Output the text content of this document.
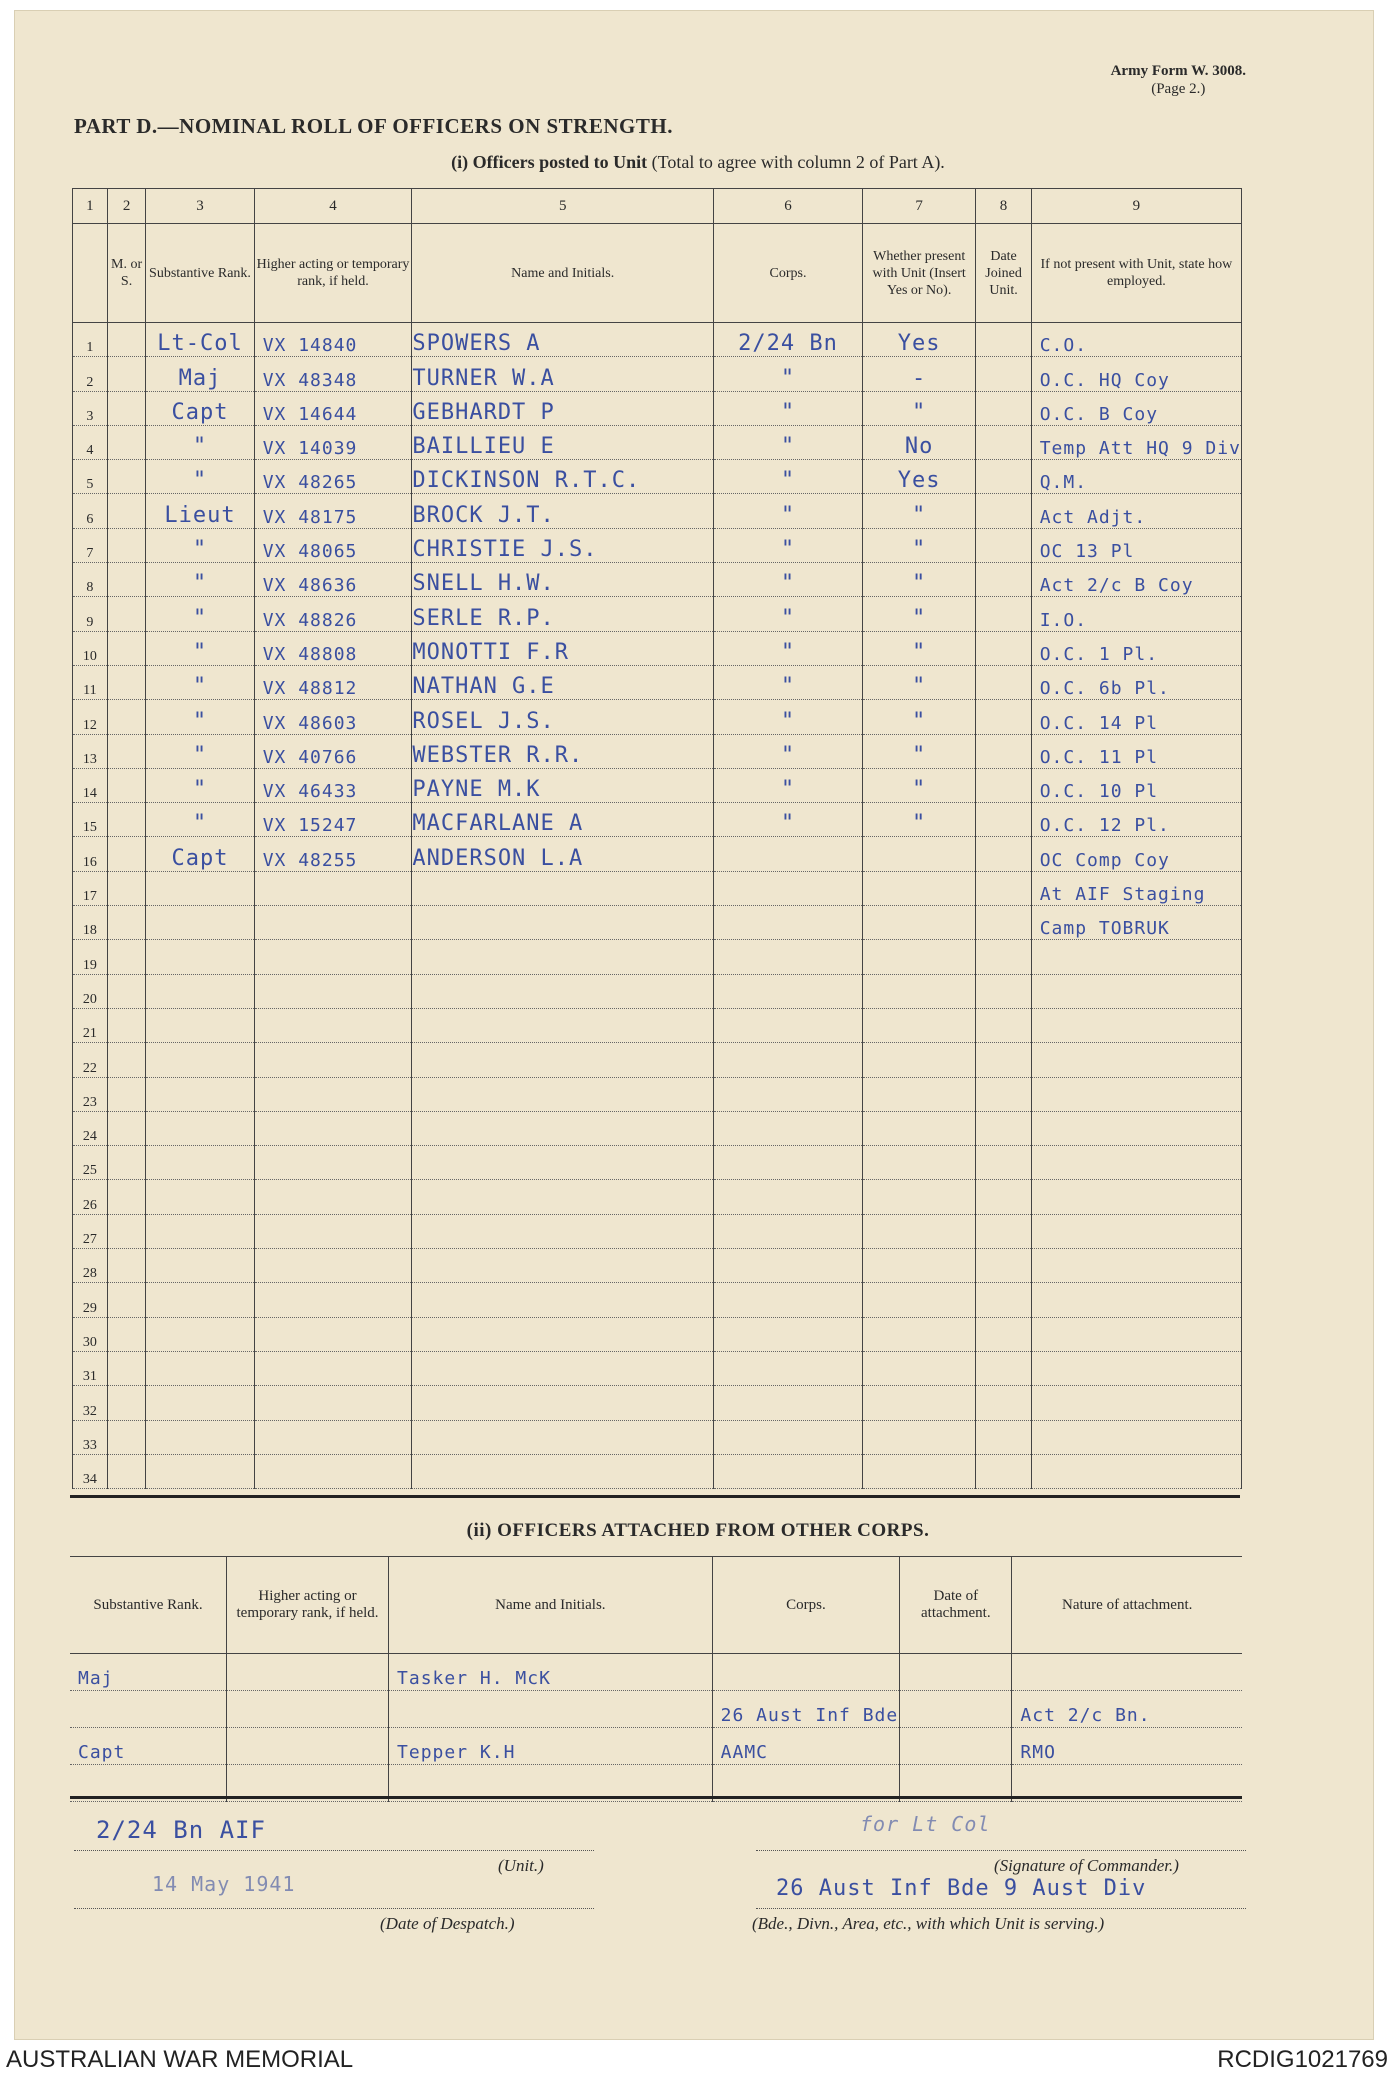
Army Form W. 3008.
(Page 2.)
PART D.—NOMINAL ROLL OF OFFICERS ON STRENGTH.
(i) Officers posted to Unit (Total to agree with column 2 of Part A).
1	2	3	4	5	6	7	8	9
	M. or S.	Substantive Rank.	Higher acting or temporary rank, if held.	Name and Initials.	Corps.	Whether present with Unit (Insert Yes or No).	Date Joined Unit.	If not present with Unit, state how employed.
1		Lt-Col	VX 14840	SPOWERS A	2/24 Bn	Yes		C.O.
2		Maj	VX 48348	TURNER W.A	"	-		O.C. HQ Coy
3		Capt	VX 14644	GEBHARDT P	"	"		O.C. B Coy
4		"	VX 14039	BAILLIEU E	"	No		Temp Att HQ 9 Div
5		"	VX 48265	DICKINSON R.T.C.	"	Yes		Q.M.
6		Lieut	VX 48175	BROCK J.T.	"	"		Act Adjt.
7		"	VX 48065	CHRISTIE J.S.	"	"		OC 13 Pl
8		"	VX 48636	SNELL H.W.	"	"		Act 2/c B Coy
9		"	VX 48826	SERLE R.P.	"	"		I.O.
10		"	VX 48808	MONOTTI F.R	"	"		O.C. 1 Pl.
11		"	VX 48812	NATHAN G.E	"	"		O.C. 6b Pl.
12		"	VX 48603	ROSEL J.S.	"	"		O.C. 14 Pl
13		"	VX 40766	WEBSTER R.R.	"	"		O.C. 11 Pl
14		"	VX 46433	PAYNE M.K	"	"		O.C. 10 Pl
15		"	VX 15247	MACFARLANE A	"	"		O.C. 12 Pl.
16		Capt	VX 48255	ANDERSON L.A				OC Comp Coy
17								At AIF Staging
18								Camp TOBRUK
19								
20								
21								
22								
23								
24								
25								
26								
27								
28								
29								
30								
31								
32								
33								
34								
(ii) OFFICERS ATTACHED FROM OTHER CORPS.
Substantive Rank.	Higher acting or temporary rank, if held.	Name and Initials.	Corps.	Date of attachment.	Nature of attachment.
Maj		Tasker H. McK			
			26 Aust Inf Bde		Act 2/c Bn.
Capt		Tepper K.H	AAMC		RMO

2/24 Bn AIF
(Unit.)
14 May 1941
(Date of Despatch.)
for Lt Col
(Signature of Commander.)
26 Aust Inf Bde 9 Aust Div
(Bde., Divn., Area, etc., with which Unit is serving.)
AUSTRALIAN WAR MEMORIAL	RCDIG1021769
